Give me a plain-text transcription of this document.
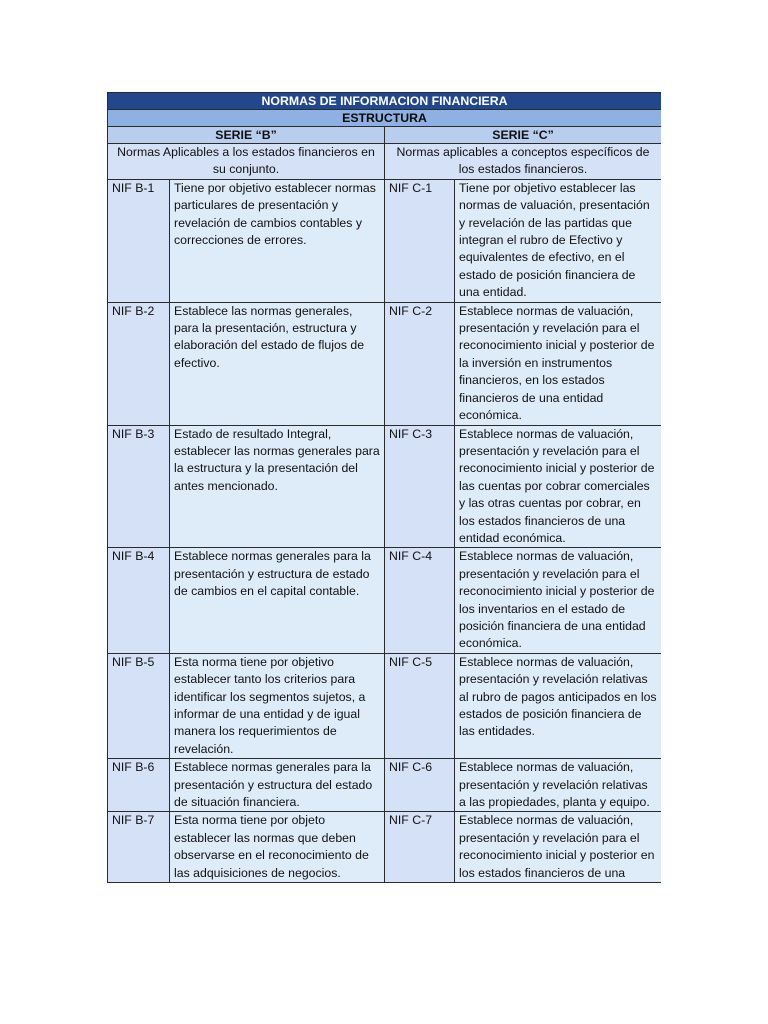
NORMAS DE INFORMACION FINANCIERA			
ESTRUCTURA			
SERIE “B”		SERIE “C”	
Normas Aplicables a los estados financieros en su conjunto.		Normas aplicables a conceptos específicos de los estados financieros.	
NIF B-1	Tiene por objetivo establecer normas particulares de presentación y revelación de cambios contables y correcciones de errores.	NIF C-1	Tiene por objetivo establecer las normas de valuación, presentación y revelación de las partidas que integran el rubro de Efectivo y equivalentes de efectivo, en el estado de posición financiera de una entidad.
NIF B-2	Establece las normas generales, para la presentación, estructura y elaboración del estado de flujos de efectivo.	NIF C-2	Establece normas de valuación, presentación y revelación para el reconocimiento inicial y posterior de la inversión en instrumentos financieros, en los estados financieros de una entidad económica.
NIF B-3	Estado de resultado Integral, establecer las normas generales para la estructura y la presentación del antes mencionado.	NIF C-3	Establece normas de valuación, presentación y revelación para el reconocimiento inicial y posterior de las cuentas por cobrar comerciales y las otras cuentas por cobrar, en los estados financieros de una entidad económica.
NIF B-4	Establece normas generales para la presentación y estructura de estado de cambios en el capital contable.	NIF C-4	Establece normas de valuación, presentación y revelación para el reconocimiento inicial y posterior de los inventarios en el estado de posición financiera de una entidad económica.
NIF B-5	Esta norma tiene por objetivo establecer tanto los criterios para identificar los segmentos sujetos, a informar de una entidad y de igual manera los requerimientos de revelación.	NIF C-5	Establece normas de valuación, presentación y revelación relativas al rubro de pagos anticipados en los estados de posición financiera de las entidades.
NIF B-6	Establece normas generales para la presentación y estructura del estado de situación financiera.	NIF C-6	Establece normas de valuación, presentación y revelación relativas a las propiedades, planta y equipo.
NIF B-7	Esta norma tiene por objeto establecer las normas que deben observarse en el reconocimiento de las adquisiciones de negocios.	NIF C-7	Establece normas de valuación, presentación y revelación para el reconocimiento inicial y posterior en los estados financieros de una
